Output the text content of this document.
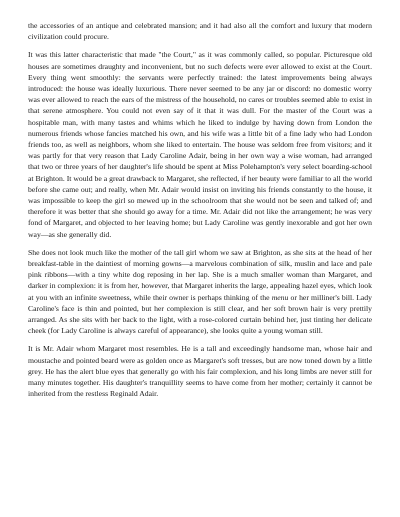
the accessories of an antique and celebrated mansion; and it had also all the comfort and luxury that modern civilization could procure.

It was this latter characteristic that made "the Court," as it was commonly called, so popular. Picturesque old houses are sometimes draughty and inconvenient, but no such defects were ever allowed to exist at the Court. Every thing went smoothly: the servants were perfectly trained: the latest improvements being always introduced: the house was ideally luxurious. There never seemed to be any jar or discord: no domestic worry was ever allowed to reach the ears of the mistress of the household, no cares or troubles seemed able to exist in that serene atmosphere. You could not even say of it that it was dull. For the master of the Court was a hospitable man, with many tastes and whims which he liked to indulge by having down from London the numerous friends whose fancies matched his own, and his wife was a little bit of a fine lady who had London friends too, as well as neighbors, whom she liked to entertain. The house was seldom free from visitors; and it was partly for that very reason that Lady Caroline Adair, being in her own way a wise woman, had arranged that two or three years of her daughter's life should be spent at Miss Polehampton's very select boarding-school at Brighton. It would be a great drawback to Margaret, she reflected, if her beauty were familiar to all the world before she came out; and really, when Mr. Adair would insist on inviting his friends constantly to the house, it was impossible to keep the girl so mewed up in the schoolroom that she would not be seen and talked of; and therefore it was better that she should go away for a time. Mr. Adair did not like the arrangement; he was very fond of Margaret, and objected to her leaving home; but Lady Caroline was gently inexorable and got her own way—as she generally did.

She does not look much like the mother of the tall girl whom we saw at Brighton, as she sits at the head of her breakfast-table in the daintiest of morning gowns—a marvelous combination of silk, muslin and lace and pale pink ribbons—with a tiny white dog reposing in her lap. She is a much smaller woman than Margaret, and darker in complexion: it is from her, however, that Margaret inherits the large, appealing hazel eyes, which look at you with an infinite sweetness, while their owner is perhaps thinking of the menu or her milliner's bill. Lady Caroline's face is thin and pointed, but her complexion is still clear, and her soft brown hair is very prettily arranged. As she sits with her back to the light, with a rose-colored curtain behind her, just tinting her delicate cheek (for Lady Caroline is always careful of appearance), she looks quite a young woman still.

It is Mr. Adair whom Margaret most resembles. He is a tall and exceedingly handsome man, whose hair and moustache and pointed beard were as golden once as Margaret's soft tresses, but are now toned down by a little grey. He has the alert blue eyes that generally go with his fair complexion, and his long limbs are never still for many minutes together. His daughter's tranquillity seems to have come from her mother; certainly it cannot be inherited from the restless Reginald Adair.
